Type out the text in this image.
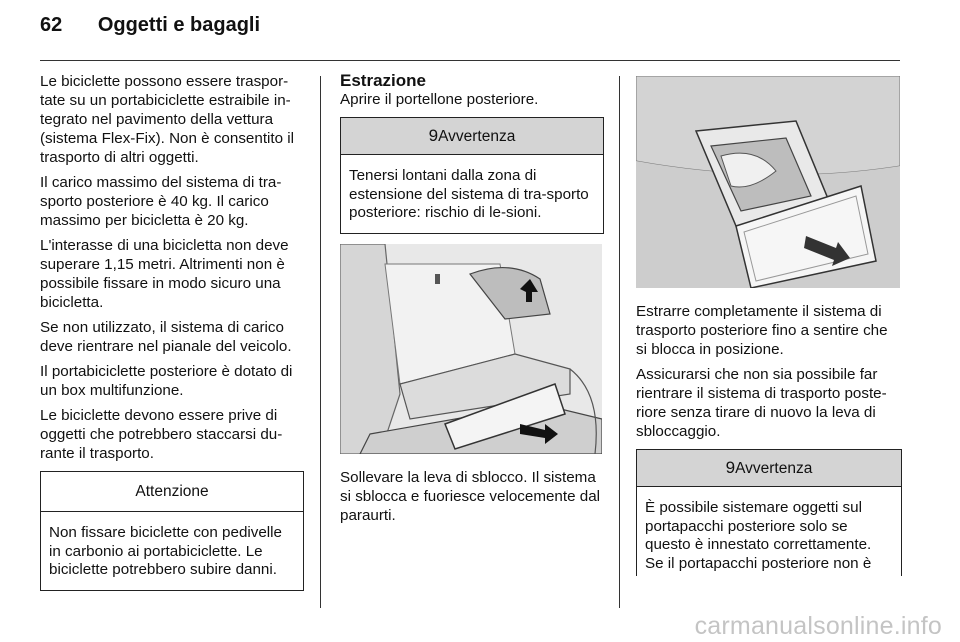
62 Oggetti e bagagli

Le biciclette possono essere traspor-tate su un portabiciclette estraibile in-tegrato nel pavimento della vettura (sistema Flex-Fix). Non è consentito il trasporto di altri oggetti.

Il carico massimo del sistema di tra-sporto posteriore è 40 kg. Il carico massimo per bicicletta è 20 kg.

L'interasse di una bicicletta non deve superare 1,15 metri. Altrimenti non è possibile fissare in modo sicuro una bicicletta.

Se non utilizzato, il sistema di carico deve rientrare nel pianale del veicolo.

Il portabiciclette posteriore è dotato di un box multifunzione.

Le biciclette devono essere prive di oggetti che potrebbero staccarsi du-rante il trasporto.

Attenzione
Non fissare biciclette con pedivelle in carbonio ai portabiciclette. Le biciclette potrebbero subire danni.
Estrazione

Aprire il portellone posteriore.

9Avvertenza
Tenersi lontani dalla zona di estensione del sistema di tra-sporto posteriore: rischio di le-sioni.

Sollevare la leva di sblocco. Il sistema si sblocca e fuoriesce velocemente dal paraurti.

Estrarre completamente il sistema di trasporto posteriore fino a sentire che si blocca in posizione.

Assicurarsi che non sia possibile far rientrare il sistema di trasporto poste-riore senza tirare di nuovo la leva di sbloccaggio.

9Avvertenza
È possibile sistemare oggetti sul portapacchi posteriore solo se questo è innestato correttamente. Se il portapacchi posteriore non è
carmanualsonline.info
